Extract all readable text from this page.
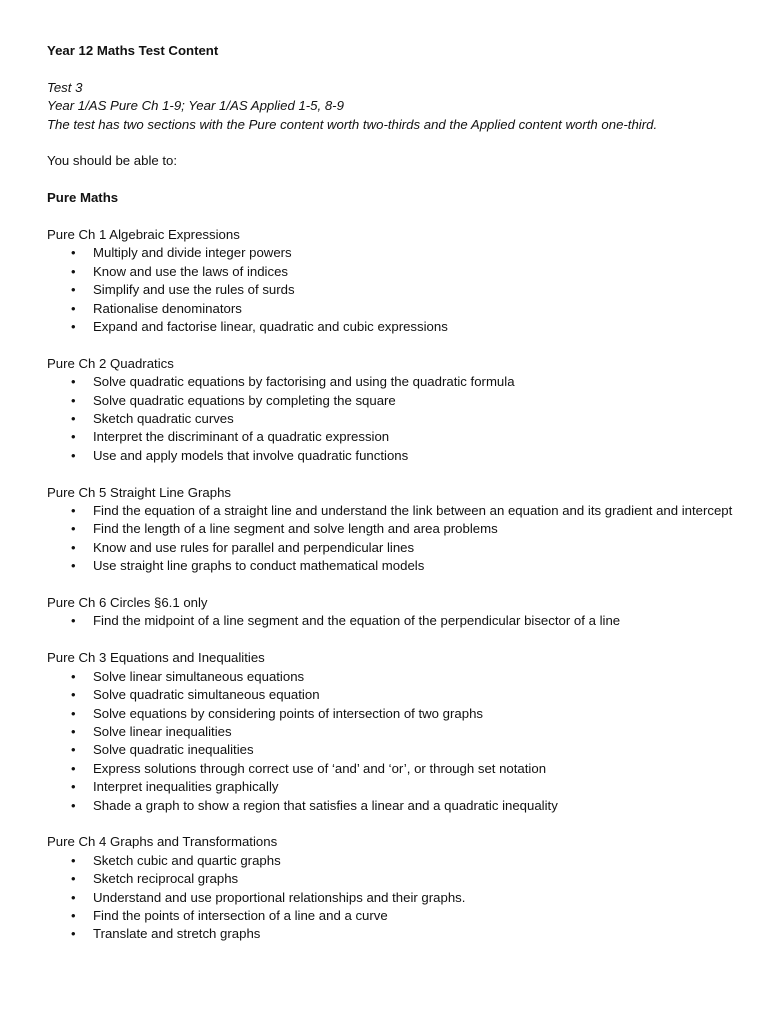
Year 12 Maths Test Content

Test 3

Year 1/AS Pure Ch 1-9; Year 1/AS Applied 1-5, 8-9

The test has two sections with the Pure content worth two-thirds and the Applied content worth one-third.

You should be able to:

Pure Maths

Pure Ch 1 Algebraic Expressions

• Multiply and divide integer powers
• Know and use the laws of indices
• Simplify and use the rules of surds
• Rationalise denominators
• Expand and factorise linear, quadratic and cubic expressions

Pure Ch 2 Quadratics

• Solve quadratic equations by factorising and using the quadratic formula
• Solve quadratic equations by completing the square
• Sketch quadratic curves
• Interpret the discriminant of a quadratic expression
• Use and apply models that involve quadratic functions

Pure Ch 5 Straight Line Graphs

• Find the equation of a straight line and understand the link between an equation and its gradient and intercept
• Find the length of a line segment and solve length and area problems
• Know and use rules for parallel and perpendicular lines
• Use straight line graphs to conduct mathematical models

Pure Ch 6 Circles §6.1 only

• Find the midpoint of a line segment and the equation of the perpendicular bisector of a line

Pure Ch 3 Equations and Inequalities

• Solve linear simultaneous equations
• Solve quadratic simultaneous equation
• Solve equations by considering points of intersection of two graphs
• Solve linear inequalities
• Solve quadratic inequalities
• Express solutions through correct use of ‘and’ and ‘or’, or through set notation
• Interpret inequalities graphically
• Shade a graph to show a region that satisfies a linear and a quadratic inequality

Pure Ch 4 Graphs and Transformations

• Sketch cubic and quartic graphs
• Sketch reciprocal graphs
• Understand and use proportional relationships and their graphs.
• Find the points of intersection of a line and a curve
• Translate and stretch graphs
